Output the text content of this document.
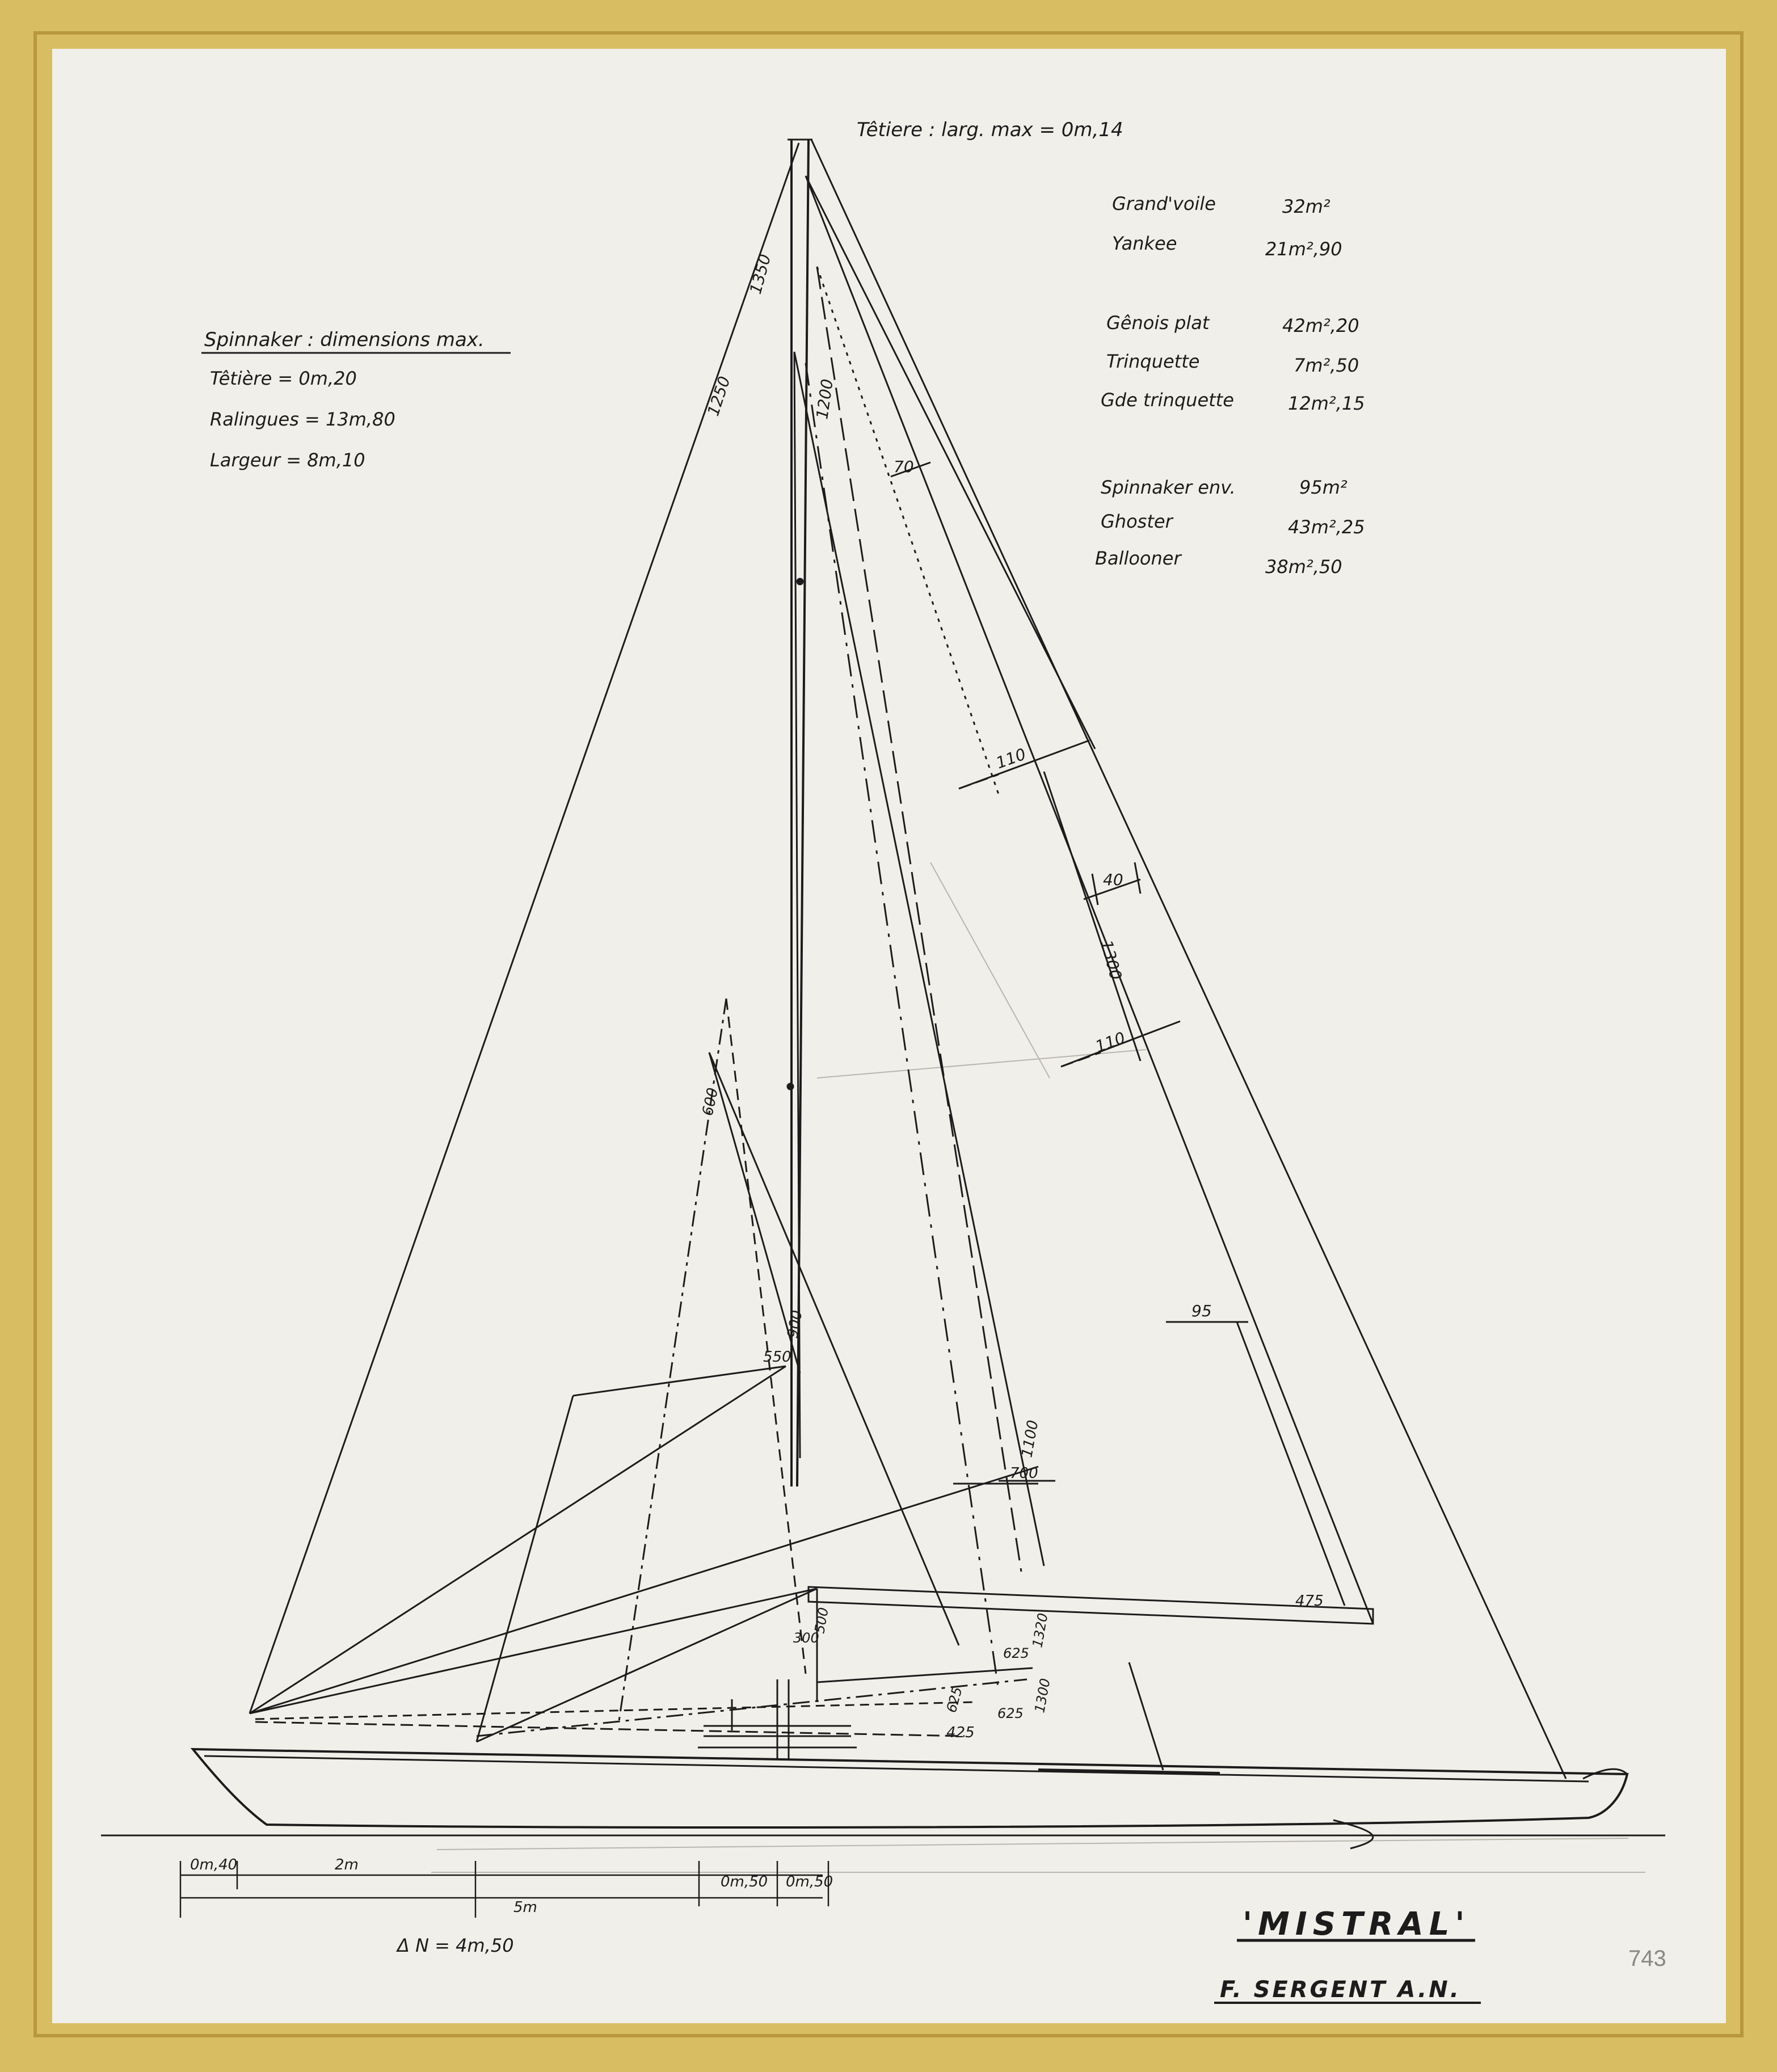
Têtiere : larg. max = 0m,14
Spinnaker : dimensions max.
Têtière = 0m,20
Ralingues = 13m,80
Largeur = 8m,10
Grand'voile	32m²
Yankee	21m²,90
Gênois plat	42m²,20
Trinquette	7m²,50
Gde trinquette	12m²,15
Spinnaker env.	95m²
Ghoster	43m²,25
Ballooner	38m²,50
1350
1250	1200
70
110
40
1300
110
600
95
900
550
1100
700
475
500
300
625
625 625 1300
1320
425
0m,40	2m
5m
0m,50 0m,50
Δ N = 4m,50
'MISTRAL'
F. SERGENT A.N.
743
